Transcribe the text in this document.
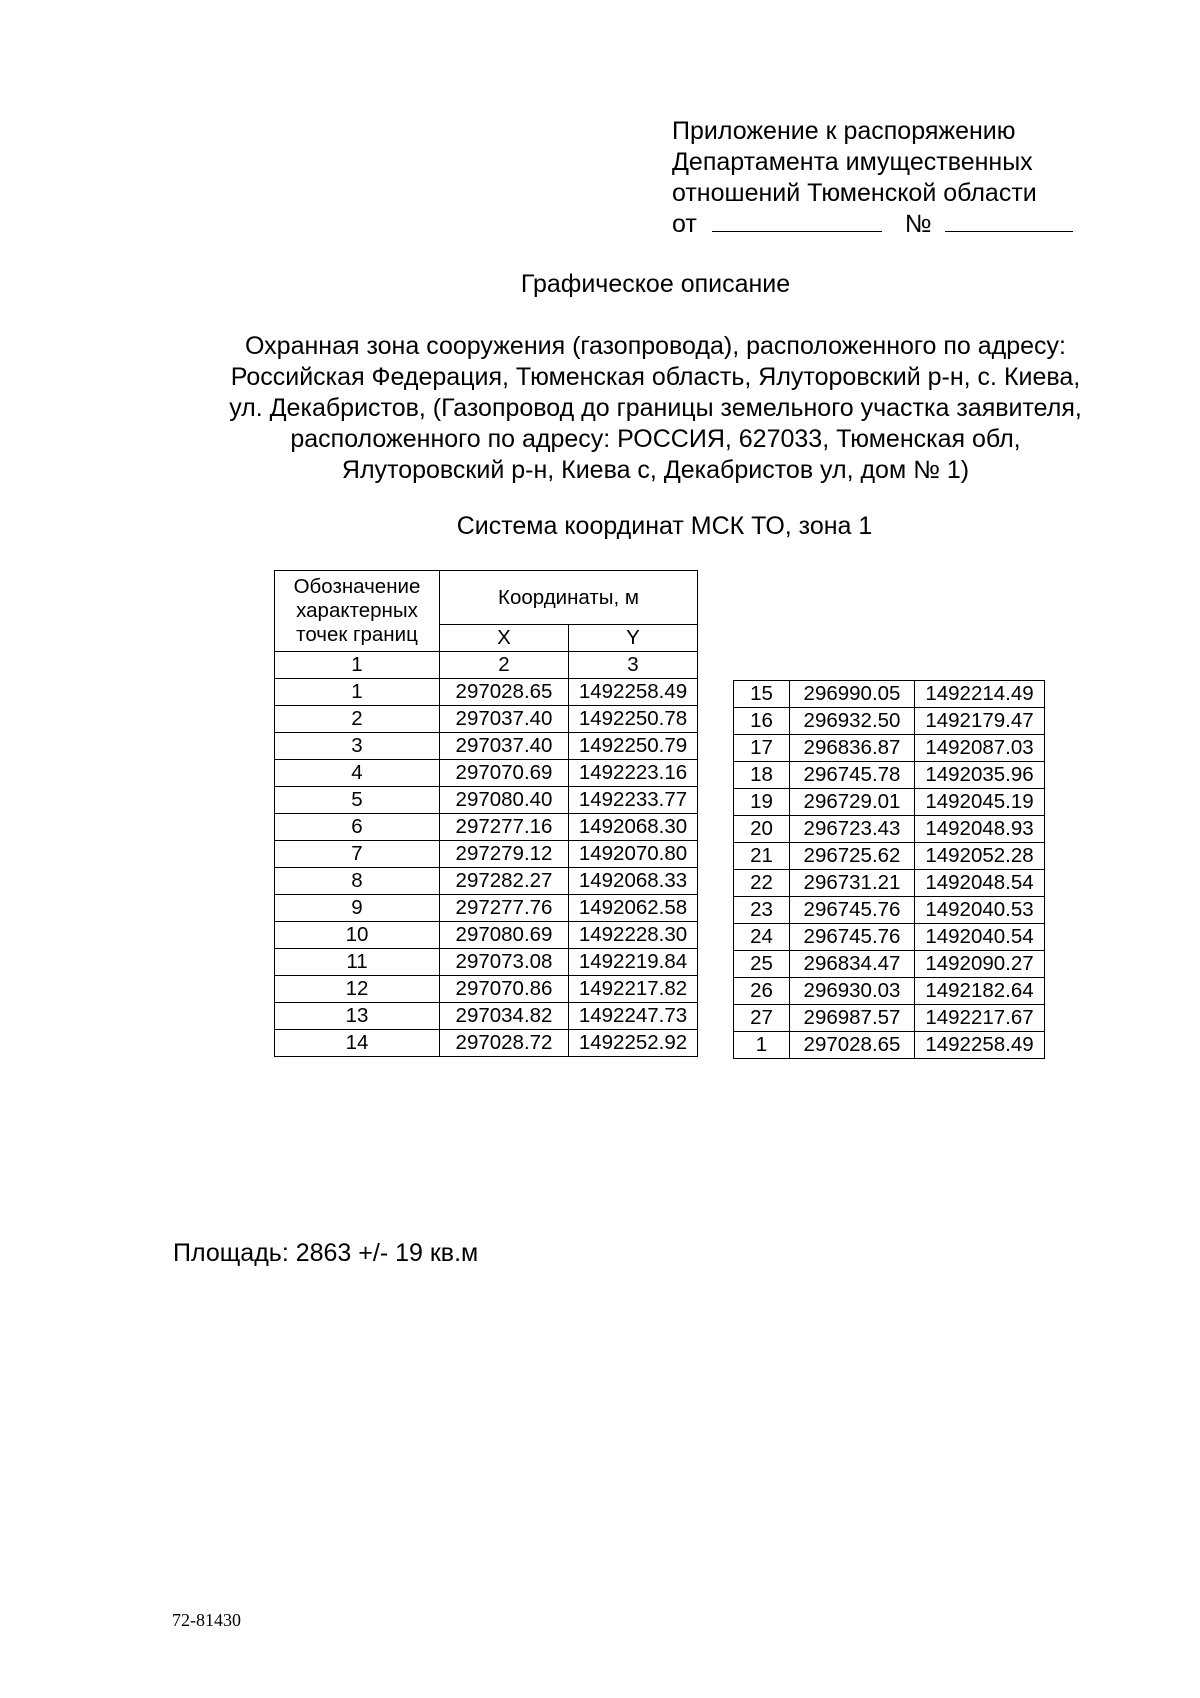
Приложение к распоряжению
Департамента имущественных
отношений Тюменской области
от	№
Графическое описание
Охранная зона сооружения (газопровода), расположенного по адресу:
Российская Федерация, Тюменская область, Ялуторовский р-н, с. Киева,
ул. Декабристов, (Газопровод до границы земельного участка заявителя,
расположенного по адресу: РОССИЯ, 627033, Тюменская обл,
Ялуторовский р-н, Киева с, Декабристов ул, дом № 1)
Система координат МСК ТО, зона 1
Обозначение
характерных
точек границ	Координаты, м	
	X	Y
1	2	3
1	297028.65	1492258.49
2	297037.40	1492250.78
3	297037.40	1492250.79
4	297070.69	1492223.16
5	297080.40	1492233.77
6	297277.16	1492068.30
7	297279.12	1492070.80
8	297282.27	1492068.33
9	297277.76	1492062.58
10	297080.69	1492228.30
11	297073.08	1492219.84
12	297070.86	1492217.82
13	297034.82	1492247.73
14	297028.72	1492252.92
15	296990.05	1492214.49
16	296932.50	1492179.47
17	296836.87	1492087.03
18	296745.78	1492035.96
19	296729.01	1492045.19
20	296723.43	1492048.93
21	296725.62	1492052.28
22	296731.21	1492048.54
23	296745.76	1492040.53
24	296745.76	1492040.54
25	296834.47	1492090.27
26	296930.03	1492182.64
27	296987.57	1492217.67
1	297028.65	1492258.49
Площадь: 2863 +/- 19 кв.м
72-81430
